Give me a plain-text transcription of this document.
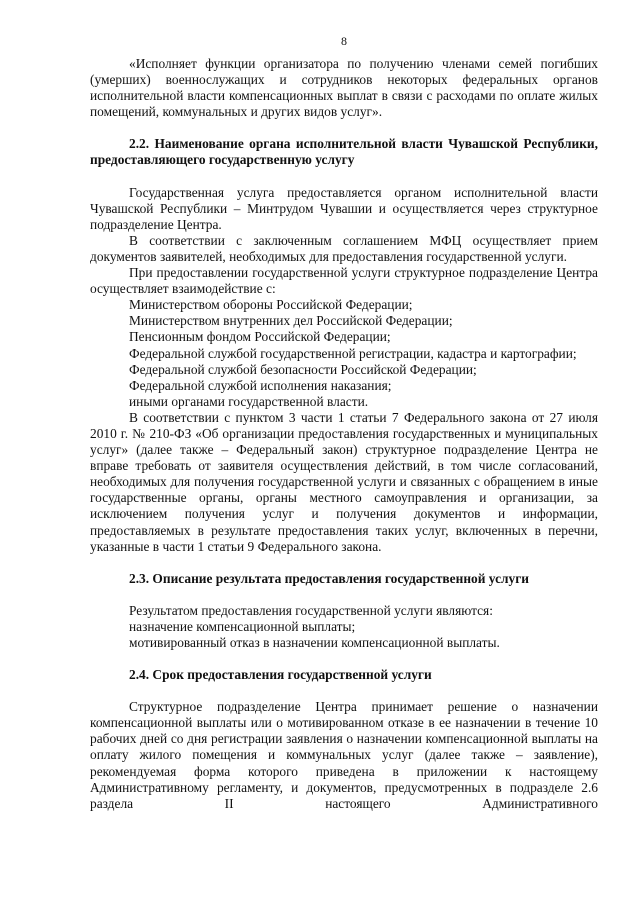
8

«Исполняет функции организатора по получению членами семей погибших (умерших) военнослужащих и сотрудников некоторых федеральных органов исполнительной власти компенсационных выплат в связи с расходами по оплате жилых помещений, коммунальных и других видов услуг».

2.2. Наименование органа исполнительной власти Чувашской Республики, предоставляющего государственную услугу

Государственная услуга предоставляется органом исполнительной власти Чувашской Республики – Минтрудом Чувашии и осуществляется через структурное подразделение Центра.

В соответствии с заключенным соглашением МФЦ осуществляет прием документов заявителей, необходимых для предоставления государственной услуги.

При предоставлении государственной услуги структурное подразделение Центра осуществляет взаимодействие с:

Министерством обороны Российской Федерации;

Министерством внутренних дел Российской Федерации;

Пенсионным фондом Российской Федерации;

Федеральной службой государственной регистрации, кадастра и картографии;

Федеральной службой безопасности Российской Федерации;

Федеральной службой исполнения наказания;

иными органами государственной власти.

В соответствии с пунктом 3 части 1 статьи 7 Федерального закона от 27 июля 2010 г. № 210-ФЗ «Об организации предоставления государственных и муниципальных услуг» (далее также – Федеральный закон) структурное подразделение Центра не вправе требовать от заявителя осуществления действий, в том числе согласований, необходимых для получения государственной услуги и связанных с обращением в иные государственные органы, органы местного самоуправления и организации, за исключением получения услуг и получения документов и информации, предоставляемых в результате предоставления таких услуг, включенных в перечни, указанные в части 1 статьи 9 Федерального закона.

2.3. Описание результата предоставления государственной услуги

Результатом предоставления государственной услуги являются:

назначение компенсационной выплаты;

мотивированный отказ в назначении компенсационной выплаты.

2.4. Срок предоставления государственной услуги

Структурное подразделение Центра принимает решение о назначении компенсационной выплаты или о мотивированном отказе в ее назначении в течение 10 рабочих дней со дня регистрации заявления о назначении компенсационной выплаты на оплату жилого помещения и коммунальных услуг (далее также – заявление), рекомендуемая форма которого приведена в приложении к настоящему Административному регламенту, и документов, предусмотренных в подразделе 2.6 раздела II настоящего Административного
